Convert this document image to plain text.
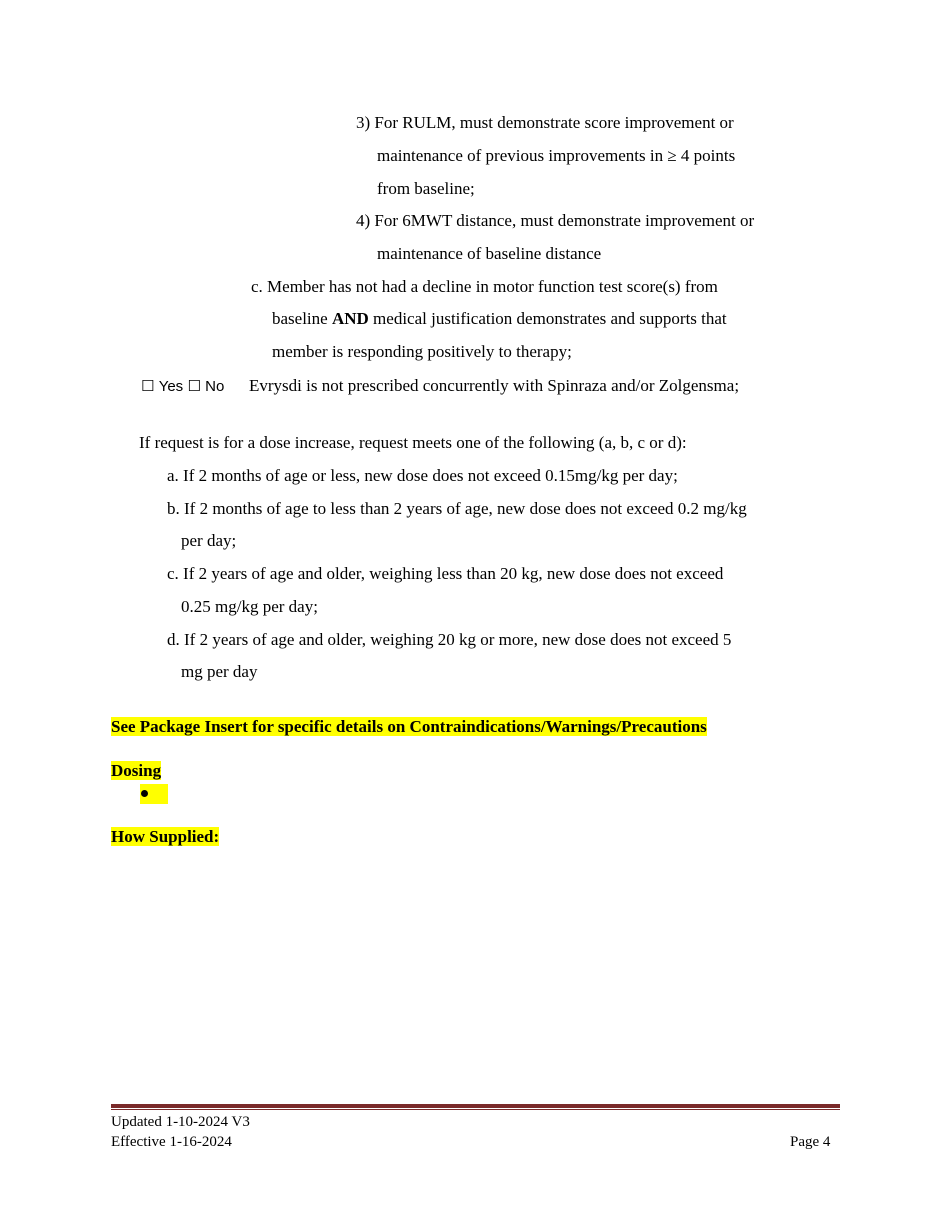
3) For RULM, must demonstrate score improvement or
maintenance of previous improvements in ≥ 4 points
from baseline;
4) For 6MWT distance, must demonstrate improvement or
maintenance of baseline distance
c. Member has not had a decline in motor function test score(s) from
baseline AND medical justification demonstrates and supports that
member is responding positively to therapy;
☐ Yes ☐ No Evrysdi is not prescribed concurrently with Spinraza and/or Zolgensma;
If request is for a dose increase, request meets one of the following (a, b, c or d):
a. If 2 months of age or less, new dose does not exceed 0.15mg/kg per day;
b. If 2 months of age to less than 2 years of age, new dose does not exceed 0.2 mg/kg
per day;
c. If 2 years of age and older, weighing less than 20 kg, new dose does not exceed
0.25 mg/kg per day;
d. If 2 years of age and older, weighing 20 kg or more, new dose does not exceed 5
mg per day
See Package Insert for specific details on Contraindications/Warnings/Precautions
Dosing
How Supplied:
Updated 1-10-2024 V3
Effective 1-16-2024	Page 4
